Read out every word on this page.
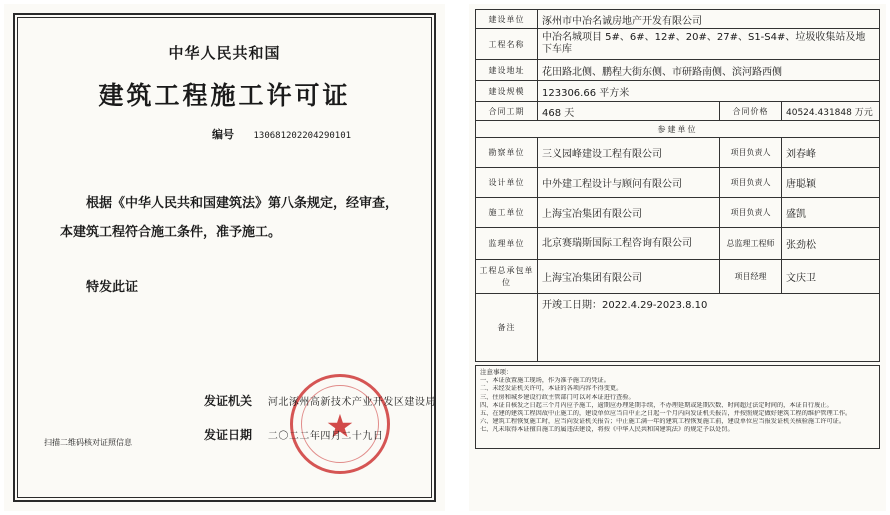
中华人民共和国
建筑工程施工许可证
编号 130681202204290101
根据《中华人民共和国建筑法》第八条规定，经审查，本建筑工程符合施工条件，准予施工。
特发此证
★
发证机关 河北涿州高新技术产业开发区建设局
发证日期 二〇二二年四月二十九日
扫描二维码核对证照信息
建设单位	涿州市中冶名诚房地产开发有限公司		
工程名称	中冶名城项目 5#、6#、12#、20#、27#、S1-S4#、垃圾收集站及地下车库		
建设地址	花田路北侧、鹏程大街东侧、市研路南侧、滨河路西侧		
建设规模	123306.66 平方米		
合同工期	468 天	合同价格	40524.431848 万元
参建单位			
勘察单位	三义园峰建设工程有限公司	项目负责人	刘春峰
设计单位	中外建工程设计与顾问有限公司	项目负责人	唐聪颖
施工单位	上海宝冶集团有限公司	项目负责人	盛凯
监理单位	北京赛瑞斯国际工程咨询有限公司	总监理工程师	张劲松
工程总承包单位	上海宝冶集团有限公司	项目经理	文庆卫
备注	开竣工日期：2022.4.29-2023.8.10		
注意事项：
一、本证放置施工现场，作为准予施工的凭证。
二、未经发证机关许可，本证的各项内容不得变更。
三、住房和城乡建设行政主管部门可以对本证进行查验。
四、本证自核发之日起三个月内应予施工，逾期应办理延期手续，不办理延期或延期次数、时间超过法定时间的，本证自行废止。
五、在建的建筑工程因故中止施工的，建设单位应当自中止之日起一个月内向发证机关报告，并按照规定做好建筑工程的维护管理工作。
六、建筑工程恢复施工时，应当向发证机关报告；中止施工满一年的建筑工程恢复施工前，建设单位应当报发证机关核验施工许可证。
七、凡未取得本证擅自施工的属违法建设，将按《中华人民共和国建筑法》的规定予以处罚。
